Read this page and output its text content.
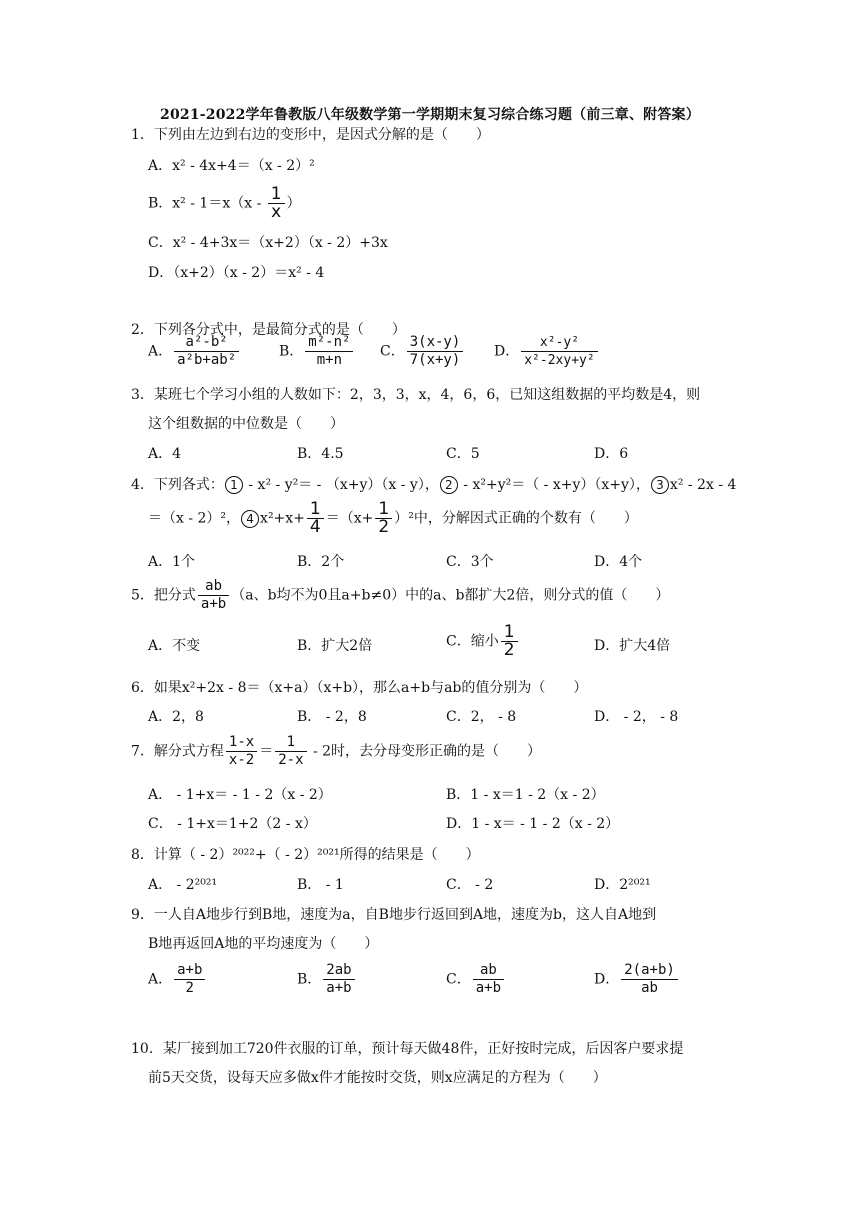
2021-2022学年鲁教版八年级数学第一学期期末复习综合练习题（前三章、附答案）
1．下列由左边到右边的变形中，是因式分解的是（　　）
A．x² - 4x+4＝（x - 2）²
B．$x^2 - 1=x(x - \frac{1}{x}$ ）
C．x² - 4+3x＝（x+2）（x - 2）+3x
D．（x+2）（x - 2）＝x² - 4
2．下列各分式中，是最简分式的是（　　）
A． $\frac{\text{a²-b²}}{\text{a²b+ab²}}$	B． $\frac{\text{m²-n²}}{m+n}$ C． $\frac{3(x-y)}{7(x+y)}$ D． $\frac{\text{x²-y²}}{\text{x²-2xy+y²}}$
3．某班七个学习小组的人数如下：2，3，3，x，4，6，6，已知这组数据的平均数是4，则
这个组数据的中位数是（　　）
A．4	B．4.5	C．5	D．6
4．下列各式： 1 - x² - y²＝ - （x+y）（x - y）， 2 - x²+y²＝（ - x+y）（x+y）， 3 x² - 2x - 4
＝（x - 2）²， 4 $x^2+x+ \frac{1}{4} =(x+ \frac{1}{2} )^2$中，分解因式正确的个数有（　　）
A．1个	B．2个	C．3个	D．4个
5．把分式 $\frac{ab}{a+b} (a$、b均不为0且a+b≠0）中的a、b都扩大2倍，则分式的值（　　）
A．不变	B．扩大2倍	C．缩小 $\frac{1}{2}$	D．扩大4倍
6．如果x²+2x - 8＝（x+a）（x+b），那么a+b与ab的值分别为（　　）
A．2，8	B． - 2，8	C．2， - 8	D． - 2， - 8
7．解分式方程 $\frac{1-x}{x-2} = \frac{1}{2-x} - 2$时，去分母变形正确的是（　　）
A． - 1+x＝ - 1 - 2（x - 2）	B．1 - x＝1 - 2（x - 2）
C． - 1+x＝1+2（2 - x）	D．1 - x＝ - 1 - 2（x - 2）
8．计算（ - 2）²⁰²²+（ - 2）²⁰²¹所得的结果是（　　）
A． - 2²⁰²¹	B． - 1	C． - 2	D．2²⁰²¹
9．一人自A地步行到B地，速度为a，自B地步行返回到A地，速度为b，这人自A地到
B地再返回A地的平均速度为（　　）
A． $\frac{a+b}{2}$	B． $\frac{2ab}{a+b}$	C． $\frac{ab}{a+b}$	D． $\frac{2(a+b)}{ab}$
10．某厂接到加工720件衣服的订单，预计每天做48件，正好按时完成，后因客户要求提
前5天交货，设每天应多做x件才能按时交货，则x应满足的方程为（　　）
